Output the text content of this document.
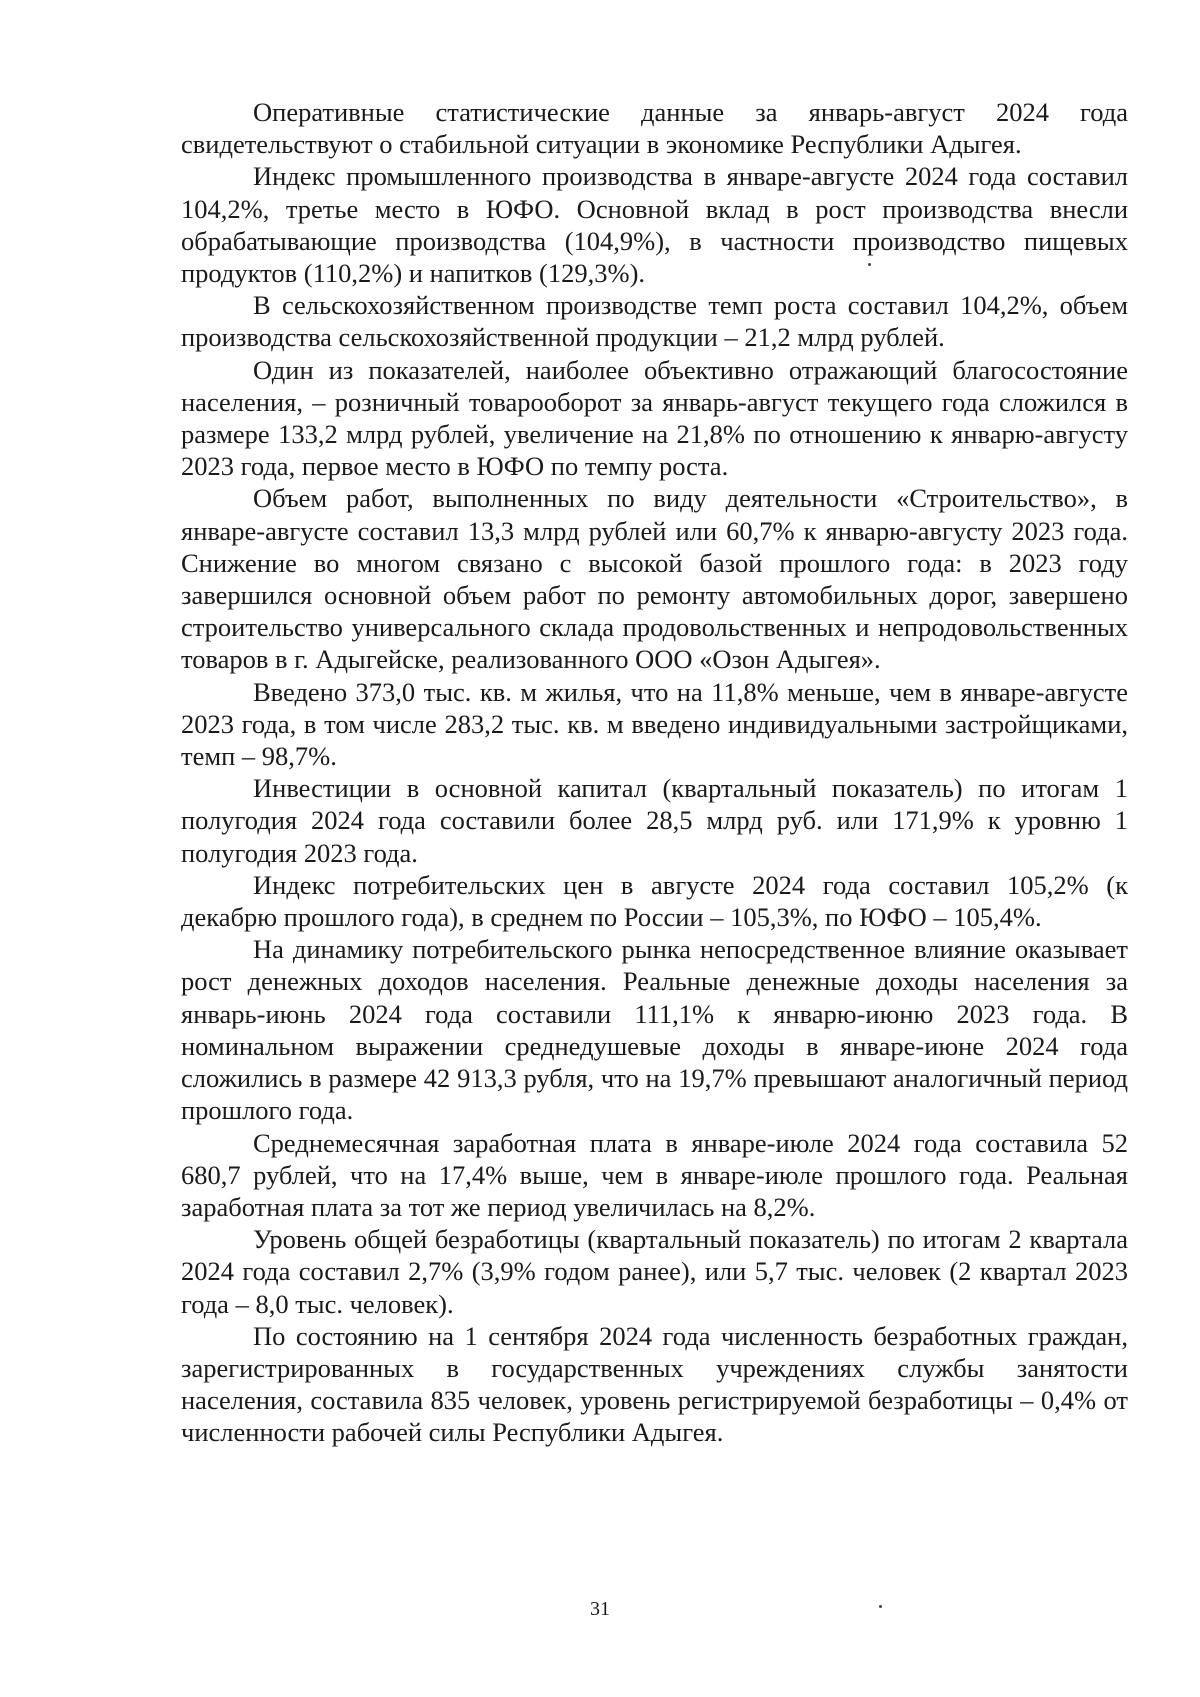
Оперативные статистические данные за январь-август 2024 года свидетельствуют о стабильной ситуации в экономике Республики Адыгея.

Индекс промышленного производства в январе-августе 2024 года составил 104,2%, третье место в ЮФО. Основной вклад в рост производства внесли обрабатывающие производства (104,9%), в частности производство пищевых продуктов (110,2%) и напитков (129,3%).

В сельскохозяйственном производстве темп роста составил 104,2%, объем производства сельскохозяйственной продукции – 21,2 млрд рублей.

Один из показателей, наиболее объективно отражающий благосостояние населения, – розничный товарооборот за январь-август текущего года сложился в размере 133,2 млрд рублей, увеличение на 21,8% по отношению к январю-августу 2023 года, первое место в ЮФО по темпу роста.

Объем работ, выполненных по виду деятельности «Строительство», в январе-августе составил 13,3 млрд рублей или 60,7% к январю-августу 2023 года. Снижение во многом связано с высокой базой прошлого года: в 2023 году завершился основной объем работ по ремонту автомобильных дорог, завершено строительство универсального склада продовольственных и непродовольственных товаров в г. Адыгейске, реализованного ООО «Озон Адыгея».

Введено 373,0 тыс. кв. м жилья, что на 11,8% меньше, чем в январе-августе 2023 года, в том числе 283,2 тыс. кв. м введено индивидуальными застройщиками, темп – 98,7%.

Инвестиции в основной капитал (квартальный показатель) по итогам 1 полугодия 2024 года составили более 28,5 млрд руб. или 171,9% к уровню 1 полугодия 2023 года.

Индекс потребительских цен в августе 2024 года составил 105,2% (к декабрю прошлого года), в среднем по России – 105,3%, по ЮФО – 105,4%.

На динамику потребительского рынка непосредственное влияние оказывает рост денежных доходов населения. Реальные денежные доходы населения за январь-июнь 2024 года составили 111,1% к январю-июню 2023 года. В номинальном выражении среднедушевые доходы в январе-июне 2024 года сложились в размере 42 913,3 рубля, что на 19,7% превышают аналогичный период прошлого года.

Среднемесячная заработная плата в январе-июле 2024 года составила 52 680,7 рублей, что на 17,4% выше, чем в январе-июле прошлого года. Реальная заработная плата за тот же период увеличилась на 8,2%.

Уровень общей безработицы (квартальный показатель) по итогам 2 квартала 2024 года составил 2,7% (3,9% годом ранее), или 5,7 тыс. человек (2 квартал 2023 года – 8,0 тыс. человек).

По состоянию на 1 сентября 2024 года численность безработных граждан, зарегистрированных в государственных учреждениях службы занятости населения, составила 835 человек, уровень регистрируемой безработицы – 0,4% от численности рабочей силы Республики Адыгея.

31
